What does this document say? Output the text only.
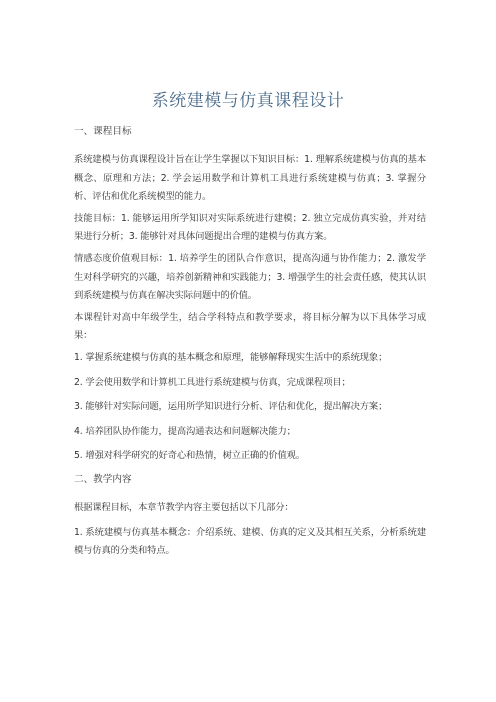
系统建模与仿真课程设计
一、课程目标

系统建模与仿真课程设计旨在让学生掌握以下知识目标：1. 理解系统建模与仿真的基本概念、原理和方法；2. 学会运用数学和计算机工具进行系统建模与仿真；3. 掌握分析、评估和优化系统模型的能力。

技能目标：1. 能够运用所学知识对实际系统进行建模；2. 独立完成仿真实验，并对结果进行分析；3. 能够针对具体问题提出合理的建模与仿真方案。

情感态度价值观目标：1. 培养学生的团队合作意识，提高沟通与协作能力；2. 激发学生对科学研究的兴趣，培养创新精神和实践能力；3. 增强学生的社会责任感，使其认识到系统建模与仿真在解决实际问题中的价值。

本课程针对高中年级学生，结合学科特点和教学要求，将目标分解为以下具体学习成果：

1. 掌握系统建模与仿真的基本概念和原理，能够解释现实生活中的系统现象；
2. 学会使用数学和计算机工具进行系统建模与仿真，完成课程项目；
3. 能够针对实际问题，运用所学知识进行分析、评估和优化，提出解决方案；
4. 培养团队协作能力，提高沟通表达和问题解决能力；
5. 增强对科学研究的好奇心和热情，树立正确的价值观。
二、教学内容
根据课程目标，本章节教学内容主要包括以下几部分：

1. 系统建模与仿真基本概念：介绍系统、建模、仿真的定义及其相互关系，分析系统建模与仿真的分类和特点。
